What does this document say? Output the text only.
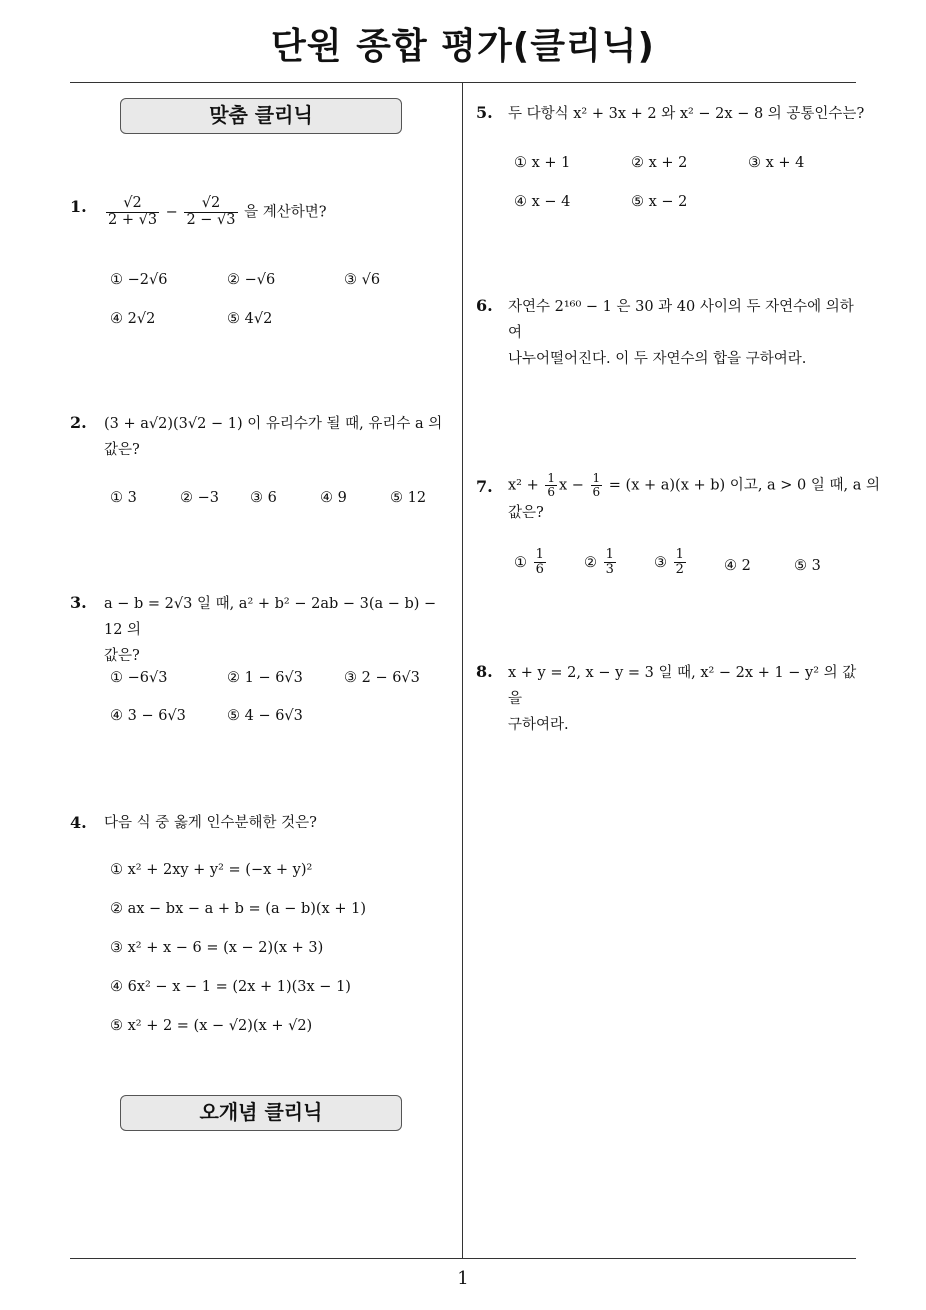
단원 종합 평가(클리닉)
맞춤 클리닉
1. $\frac{√2}{2 + √3} - \frac{√2}{2 - √3}$ 을 계산하면?
① −2√6	② −√6	③ √6
④ 2√2	⑤ 4√2
2. (3 + a√2)(3√2 − 1) 이 유리수가 될 때, 유리수 a 의
값은?
① 3	② −3 ③ 6	④ 9	⑤ 12
3. a − b = 2√3 일 때, a² + b² − 2ab − 3(a − b) − 12 의
값은?
① −6√3	② 1 − 6√3	③ 2 − 6√3
④ 3 − 6√3	⑤ 4 − 6√3
4. 다음 식 중 옳게 인수분해한 것은?
① x² + 2xy + y² = (−x + y)²
② ax − bx − a + b = (a − b)(x + 1)
③ x² + x − 6 = (x − 2)(x + 3)
④ 6x² − x − 1 = (2x + 1)(3x − 1)
⑤ x² + 2 = (x − √2)(x + √2)
오개념 클리닉
5. 두 다항식 x² + 3x + 2 와 x² − 2x − 8 의 공통인수는?
① x + 1	② x + 2	③ x + 4
④ x − 4	⑤ x − 2
6. 자연수 2¹⁶⁰ − 1 은 30 과 40 사이의 두 자연수에 의하여
나누어떨어진다. 이 두 자연수의 합을 구하여라.
7. $x^2 + \frac{1}{6}$ $x - \frac{1}{6} = (x + a)(x + b)$ 이고, a > 0 일 때, a 의
값은?
① $\frac{1}{6}$	② $\frac{1}{3}$	③ $\frac{1}{2}$	④ 2	⑤ 3
8. x + y = 2, x − y = 3 일 때, x² − 2x + 1 − y² 의 값을
구하여라.
1
